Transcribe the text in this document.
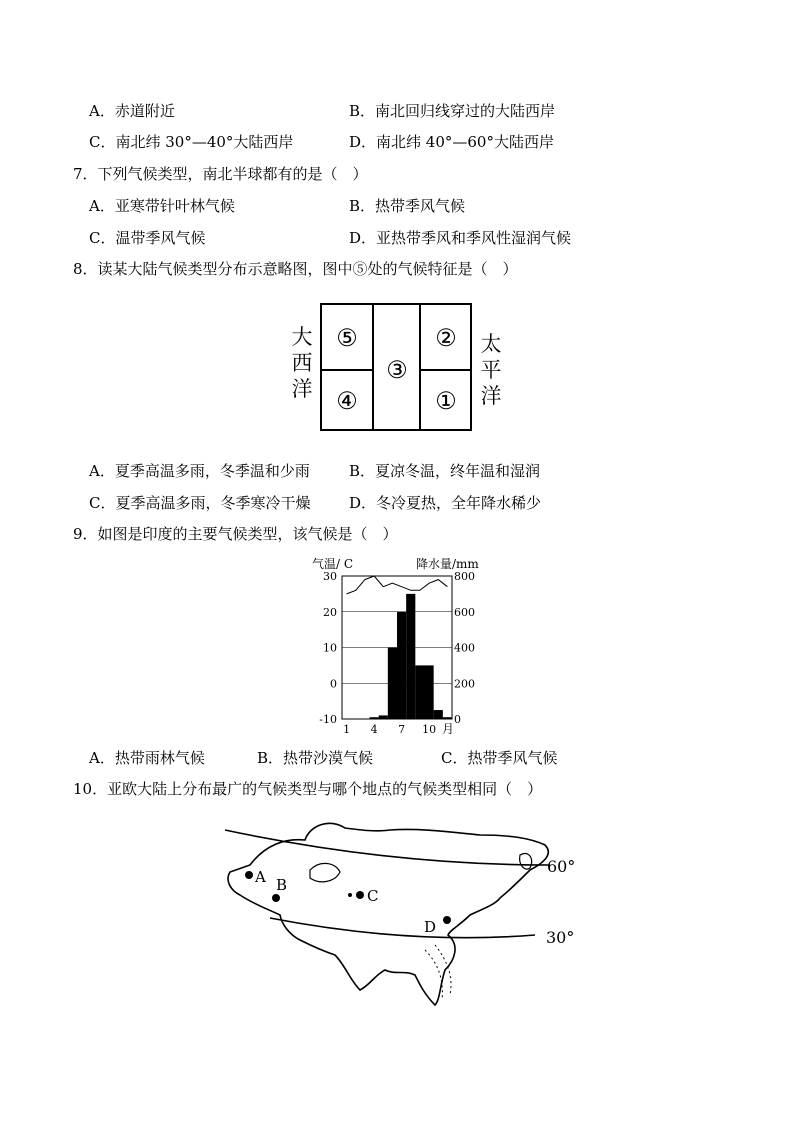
A．赤道附近	B．南北回归线穿过的大陆西岸
C．南北纬 30°—40°大陆西岸	D．南北纬 40°—60°大陆西岸
7．下列气候类型，南北半球都有的是（　）
A．亚寒带针叶林气候	B．热带季风气候
C．温带季风气候	D．亚热带季风和季风性湿润气候
8．读某大陆气候类型分布示意略图，图中⑤处的气候特征是（　）
⑤
④
③
②
①
大
西
洋
太
平
洋
A．夏季高温多雨，冬季温和少雨	B．夏凉冬温，终年温和湿润
C．夏季高温多雨，冬季寒冷干燥	D．冬冷夏热，全年降水稀少
9．如图是印度的主要气候类型，该气候是（　）
气温/ C	降水量/mm
30
20
10
0
-10
800
600
400
200
0
1 4 7 10 月
A．热带雨林气候	B．热带沙漠气候	C．热带季风气候
10．亚欧大陆上分布最广的气候类型与哪个地点的气候类型相同（　）
A B
C
D
60°
30°
